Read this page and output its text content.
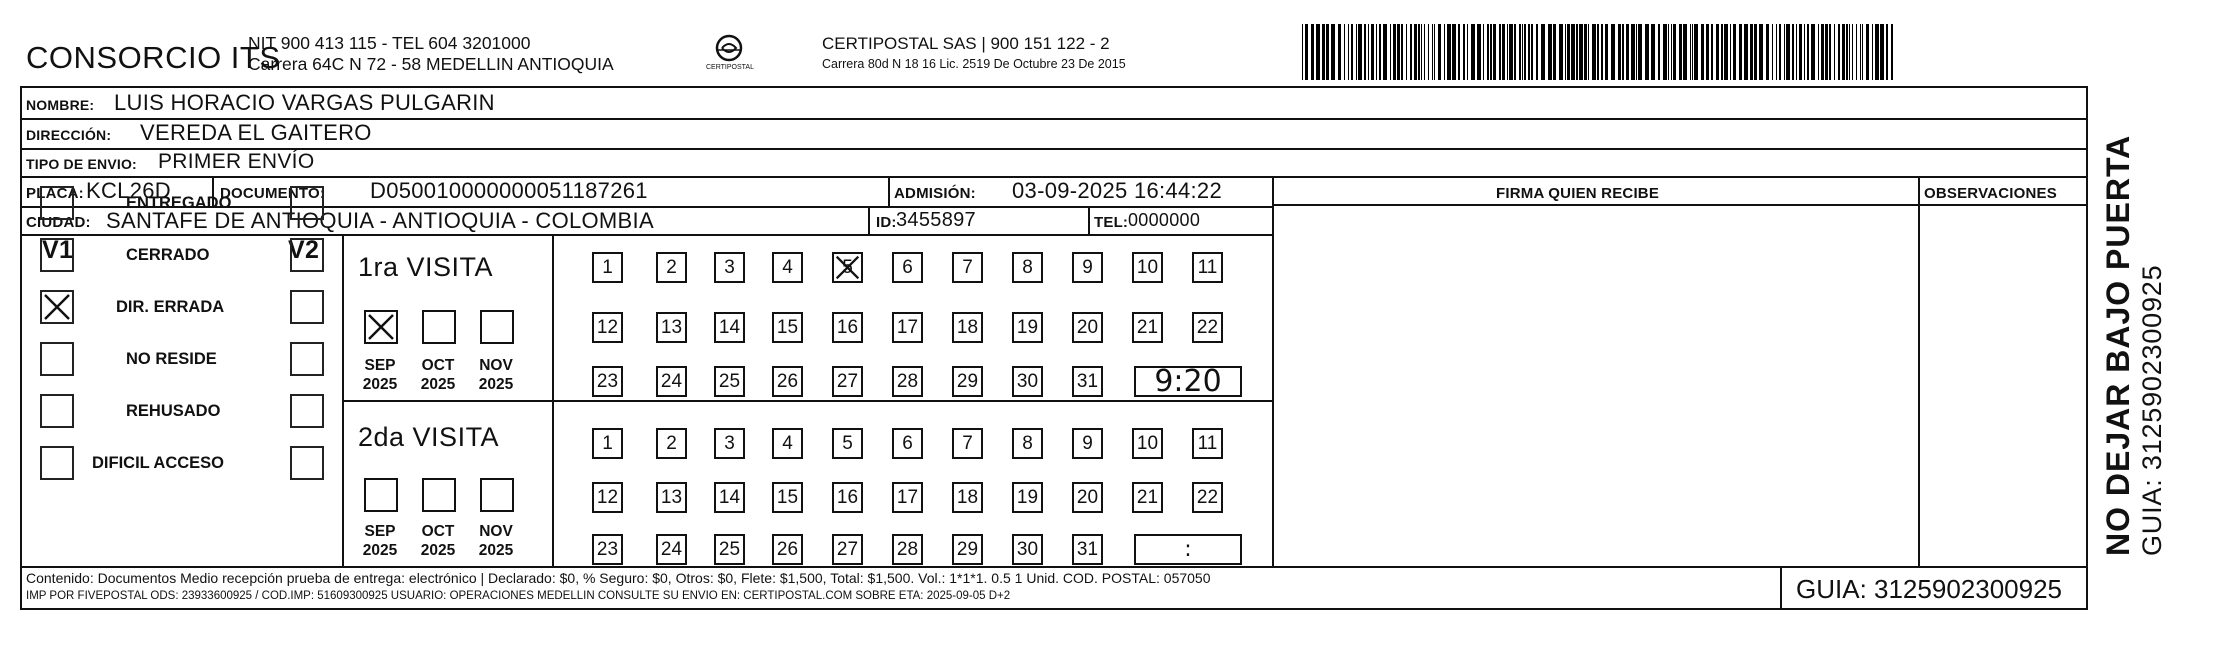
CONSORCIO ITS
NIT 900 413 115 - TEL 604 3201000
Carrera 64C N 72 - 58 MEDELLIN ANTIOQUIA	CERTIPOSTAL
CERTIPOSTAL SAS | 900 151 122 - 2
Carrera 80d N 18 16 Lic. 2519 De Octubre 23 De 2015
NOMBRE: LUIS HORACIO VARGAS PULGARIN
DIRECCIÓN: VEREDA EL GAITERO
TIPO DE ENVIO: PRIMER ENVÍO
PLACA: KCL26D	DOCUMENTO: D050010000000051187261	ADMISIÓN: 03-09-2025 16:44:22
CIUDAD: SANTAFE DE ANTIOQUIA - ANTIOQUIA - COLOMBIA	ID: 3455897	TEL: 0000000
FIRMA QUIEN RECIBE	OBSERVACIONES
V1	V2
ENTREGADO
CERRADO
DIR. ERRADA
NO RESIDE
REHUSADO
DIFICIL ACCESO
1ra VISITA
SEP
2025
OCT
2025
NOV
2025
1	2	3	4	5	6	7	8	9	10 11
12 13 14 15 16 17 18 19 20 21 22
23 24 25 26 27 28 29 30 31	9:20
2da VISITA
SEP
2025
OCT
2025
NOV
2025
1	2	3	4	5	6	7	8	9	10 11
12 13 14 15 16 17 18 19 20 21 22
23 24 25 26 27 28 29 30 31	:
Contenido: Documentos Medio recepción prueba de entrega: electrónico | Declarado: $0, % Seguro: $0, Otros: $0, Flete: $1,500, Total: $1,500. Vol.: 1*1*1. 0.5 1 Unid. COD. POSTAL: 057050
IMP POR FIVEPOSTAL ODS: 23933600925 / COD.IMP: 51609300925 USUARIO: OPERACIONES MEDELLIN CONSULTE SU ENVIO EN: CERTIPOSTAL.COM SOBRE ETA: 2025-09-05 D+2	GUIA: 3125902300925
NO DEJAR BAJO PUERTA GUIA: 3125902300925
